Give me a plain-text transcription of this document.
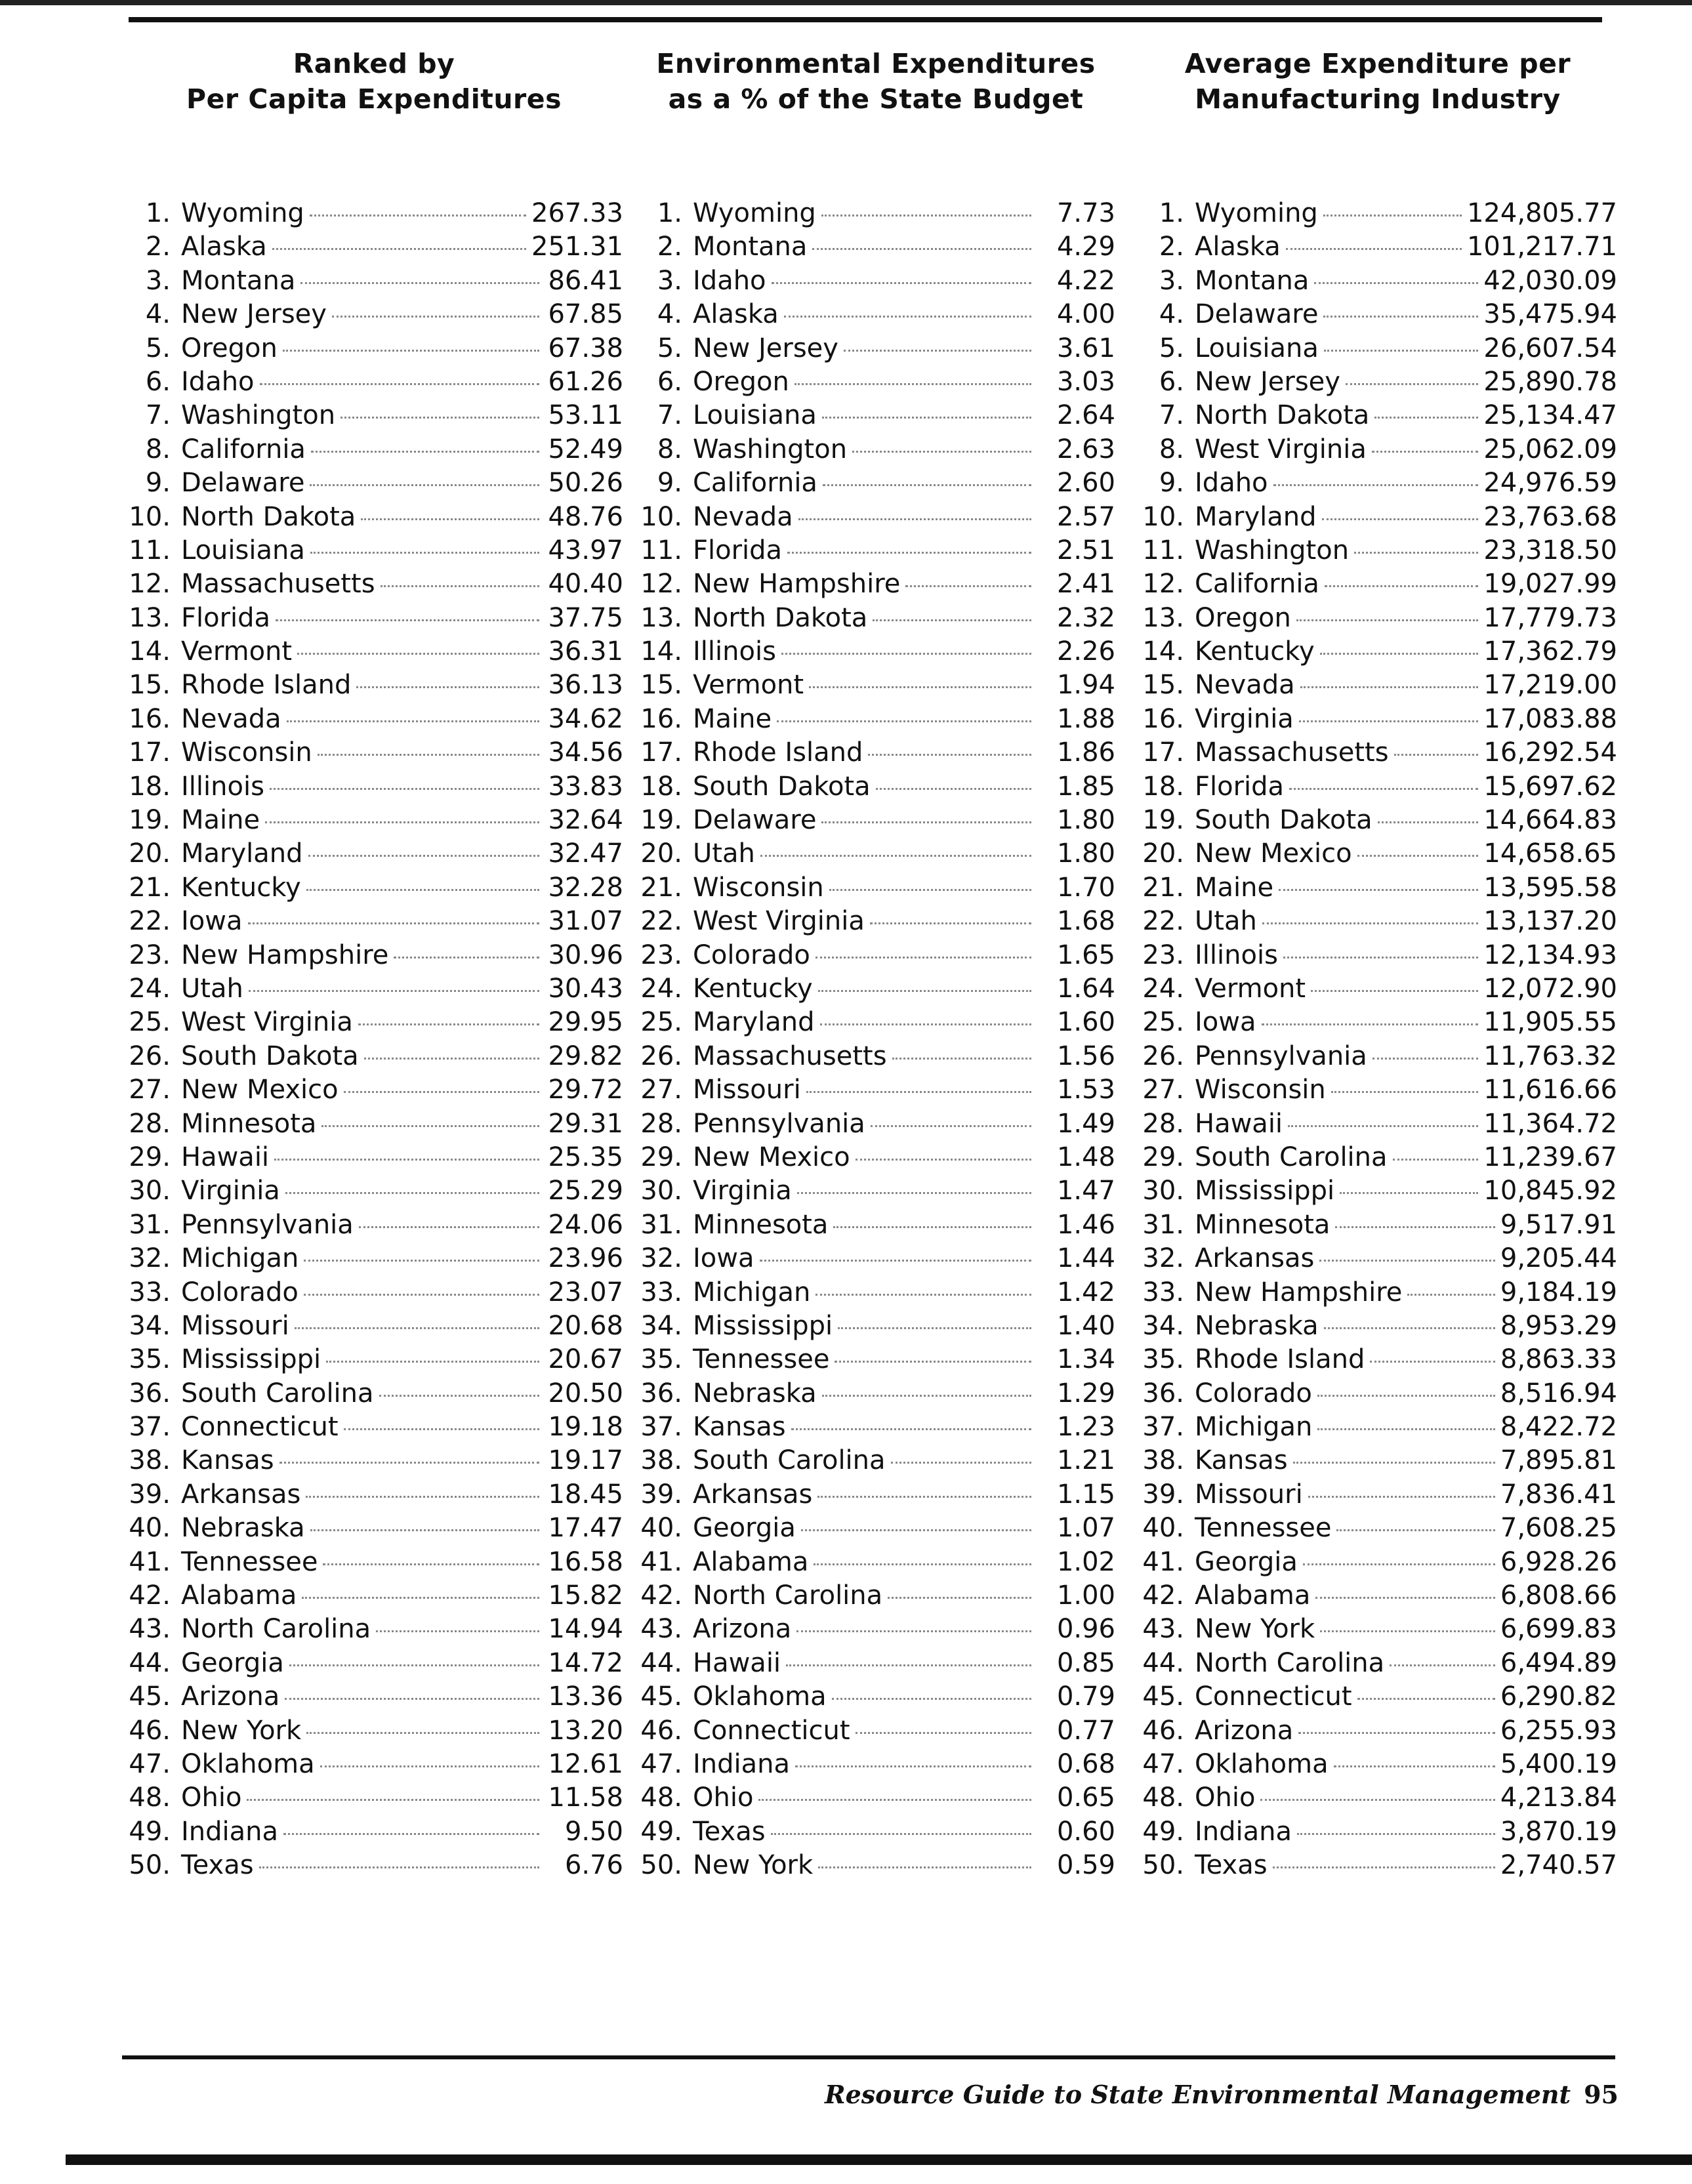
Ranked by
Per Capita Expenditures
1. Wyoming	267.33
2. Alaska	251.31
3. Montana	86.41
4. New Jersey	67.85
5. Oregon	67.38
6. Idaho	61.26
7. Washington	53.11
8. California	52.49
9. Delaware	50.26
10. North Dakota	48.76
11. Louisiana	43.97
12. Massachusetts	40.40
13. Florida	37.75
14. Vermont	36.31
15. Rhode Island	36.13
16. Nevada	34.62
17. Wisconsin	34.56
18. Illinois	33.83
19. Maine	32.64
20. Maryland	32.47
21. Kentucky	32.28
22. Iowa	31.07
23. New Hampshire	30.96
24. Utah	30.43
25. West Virginia	29.95
26. South Dakota	29.82
27. New Mexico	29.72
28. Minnesota	29.31
29. Hawaii	25.35
30. Virginia	25.29
31. Pennsylvania	24.06
32. Michigan	23.96
33. Colorado	23.07
34. Missouri	20.68
35. Mississippi	20.67
36. South Carolina	20.50
37. Connecticut	19.18
38. Kansas	19.17
39. Arkansas	18.45
40. Nebraska	17.47
41. Tennessee	16.58
42. Alabama	15.82
43. North Carolina	14.94
44. Georgia	14.72
45. Arizona	13.36
46. New York	13.20
47. Oklahoma	12.61
48. Ohio	11.58
49. Indiana	9.50
50. Texas	6.76
Environmental Expenditures
as a % of the State Budget
1. Wyoming	7.73
2. Montana	4.29
3. Idaho	4.22
4. Alaska	4.00
5. New Jersey	3.61
6. Oregon	3.03
7. Louisiana	2.64
8. Washington	2.63
9. California	2.60
10. Nevada	2.57
11. Florida	2.51
12. New Hampshire	2.41
13. North Dakota	2.32
14. Illinois	2.26
15. Vermont	1.94
16. Maine	1.88
17. Rhode Island	1.86
18. South Dakota	1.85
19. Delaware	1.80
20. Utah	1.80
21. Wisconsin	1.70
22. West Virginia	1.68
23. Colorado	1.65
24. Kentucky	1.64
25. Maryland	1.60
26. Massachusetts	1.56
27. Missouri	1.53
28. Pennsylvania	1.49
29. New Mexico	1.48
30. Virginia	1.47
31. Minnesota	1.46
32. Iowa	1.44
33. Michigan	1.42
34. Mississippi	1.40
35. Tennessee	1.34
36. Nebraska	1.29
37. Kansas	1.23
38. South Carolina	1.21
39. Arkansas	1.15
40. Georgia	1.07
41. Alabama	1.02
42. North Carolina	1.00
43. Arizona	0.96
44. Hawaii	0.85
45. Oklahoma	0.79
46. Connecticut	0.77
47. Indiana	0.68
48. Ohio	0.65
49. Texas	0.60
50. New York	0.59
Average Expenditure per
Manufacturing Industry
1. Wyoming	124,805.77
2. Alaska	101,217.71
3. Montana	42,030.09
4. Delaware	35,475.94
5. Louisiana	26,607.54
6. New Jersey	25,890.78
7. North Dakota	25,134.47
8. West Virginia	25,062.09
9. Idaho	24,976.59
10. Maryland	23,763.68
11. Washington	23,318.50
12. California	19,027.99
13. Oregon	17,779.73
14. Kentucky	17,362.79
15. Nevada	17,219.00
16. Virginia	17,083.88
17. Massachusetts	16,292.54
18. Florida	15,697.62
19. South Dakota	14,664.83
20. New Mexico	14,658.65
21. Maine	13,595.58
22. Utah	13,137.20
23. Illinois	12,134.93
24. Vermont	12,072.90
25. Iowa	11,905.55
26. Pennsylvania	11,763.32
27. Wisconsin	11,616.66
28. Hawaii	11,364.72
29. South Carolina	11,239.67
30. Mississippi	10,845.92
31. Minnesota	9,517.91
32. Arkansas	9,205.44
33. New Hampshire	9,184.19
34. Nebraska	8,953.29
35. Rhode Island	8,863.33
36. Colorado	8,516.94
37. Michigan	8,422.72
38. Kansas	7,895.81
39. Missouri	7,836.41
40. Tennessee	7,608.25
41. Georgia	6,928.26
42. Alabama	6,808.66
43. New York	6,699.83
44. North Carolina	6,494.89
45. Connecticut	6,290.82
46. Arizona	6,255.93
47. Oklahoma	5,400.19
48. Ohio	4,213.84
49. Indiana	3,870.19
50. Texas	2,740.57
Resource Guide to State Environmental Management 95
